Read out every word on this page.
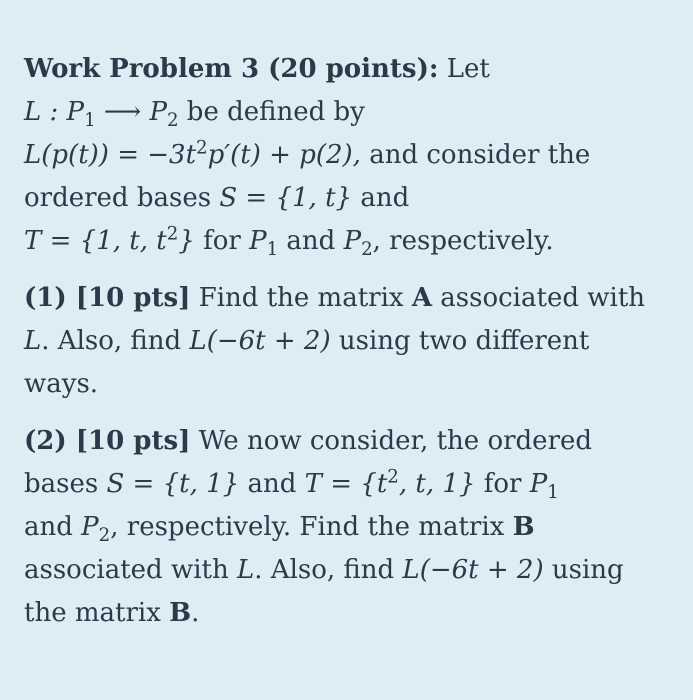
Work Problem 3 (20 points): Let
L : $P_1$ ⟶ $P_2$ be defined by
$L(p(t)) = -3t^2p'(t) + p(2)$, and consider the
ordered bases S = {1, t} and
T = {1, t, $t^2$} for $P_1$ and $P_2$, respectively.

(1) [10 pts] Find the matrix A associated with
L. Also, find L(−6t + 2) using two different
ways.

(2) [10 pts] We now consider, the ordered
bases S = {t, 1} and $T = \{t^2$, t, 1} for $P_1$
and $P_2$, respectively. Find the matrix B
associated with L. Also, find L(−6t + 2) using
the matrix B.
